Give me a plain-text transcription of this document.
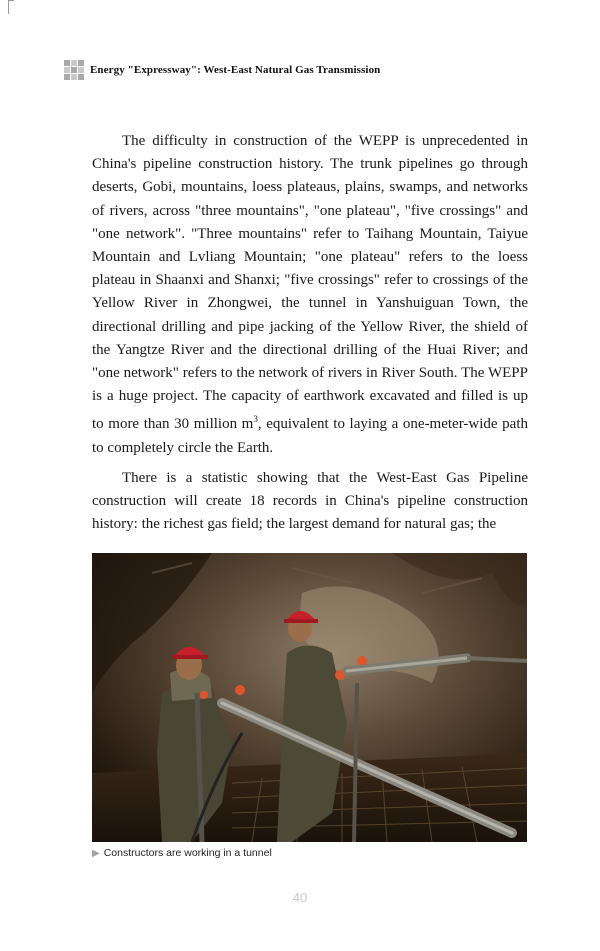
Energy "Expressway": West-East Natural Gas Transmission

The difficulty in construction of the WEPP is unprecedented in China's pipeline construction history. The trunk pipelines go through deserts, Gobi, mountains, loess plateaus, plains, swamps, and networks of rivers, across "three mountains", "one plateau", "five crossings" and "one network". "Three mountains" refer to Taihang Mountain, Taiyue Mountain and Lvliang Mountain; "one plateau" refers to the loess plateau in Shaanxi and Shanxi; "five crossings" refer to crossings of the Yellow River in Zhongwei, the tunnel in Yanshuiguan Town, the directional drilling and pipe jacking of the Yellow River, the shield of the Yangtze River and the directional drilling of the Huai River; and "one network" refers to the network of rivers in River South. The WEPP is a huge project. The capacity of earthwork excavated and filled is up to more than 30 million $m^3$, equivalent to laying a one-meter-wide path to completely circle the Earth.

There is a statistic showing that the West-East Gas Pipeline construction will create 18 records in China's pipeline construction history: the richest gas field; the largest demand for natural gas; the

▶ Constructors are working in a tunnel
40
